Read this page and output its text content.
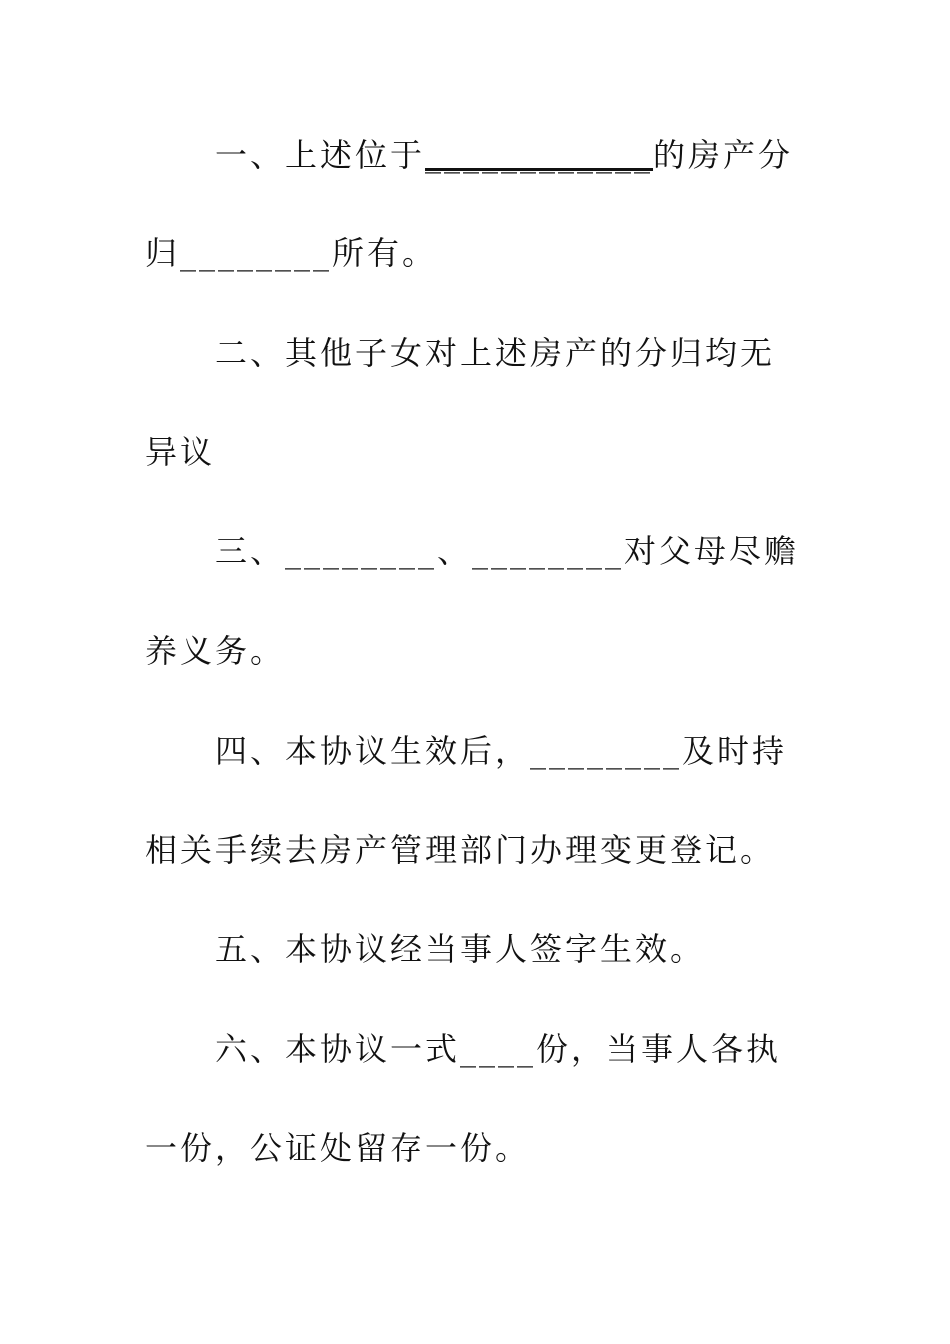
一、上述位于____________的房产分
归________所有。
二、其他子女对上述房产的分归均无
异议
三、________、________对父母尽赡
养义务。
四、本协议生效后，________及时持
相关手续去房产管理部门办理变更登记。
五、本协议经当事人签字生效。
六、本协议一式____份，当事人各执
一份，公证处留存一份。
